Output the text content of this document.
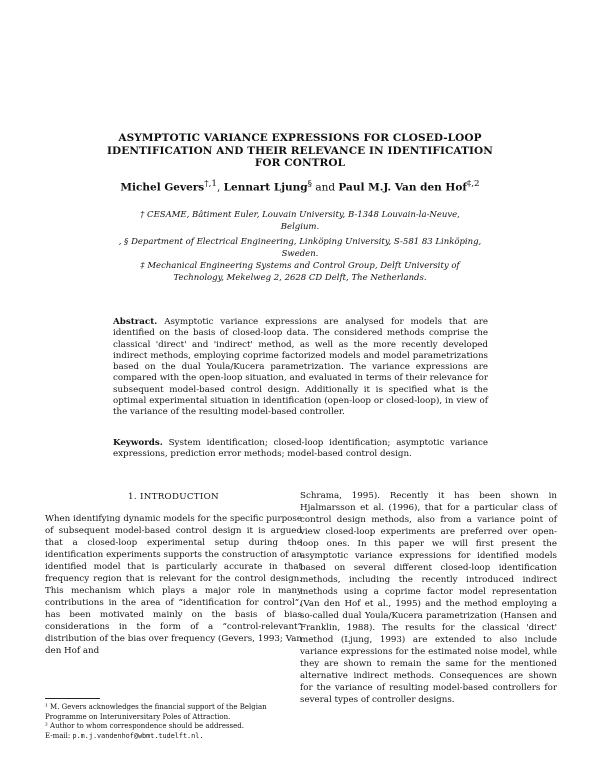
ASYMPTOTIC VARIANCE EXPRESSIONS FOR CLOSED-LOOP
IDENTIFICATION AND THEIR RELEVANCE IN IDENTIFICATION
FOR CONTROL
Michel Gevers$^{\dagger,1}$, Lennart Ljung§ and Paul M.J. Van den Hof$^{\ddagger,2}$
† CESAME, Bâtiment Euler, Louvain University, B-1348 Louvain-la-Neuve,
Belgium.
, § Department of Electrical Engineering, Linköping University, S-581 83 Linköping,
Sweden.
‡ Mechanical Engineering Systems and Control Group, Delft University of
Technology, Mekelweg 2, 2628 CD Delft, The Netherlands.
Abstract. Asymptotic variance expressions are analysed for models that are identified on the basis of closed-loop data. The considered methods comprise the classical 'direct' and 'indirect' method, as well as the more recently developed indirect methods, employing coprime factorized models and model parametrizations based on the dual Youla/Kucera parametrization. The variance expressions are compared with the open-loop situation, and evaluated in terms of their relevance for subsequent model-based control design. Additionally it is specified what is the optimal experimental situation in identification (open-loop or closed-loop), in view of the variance of the resulting model-based controller.
Keywords. System identification; closed-loop identification; asymptotic variance expressions, prediction error methods; model-based control design.
1. INTRODUCTION
When identifying dynamic models for the specific purpose of subsequent model-based control design it is argued that a closed-loop experimental setup during the identification experiments supports the construction of an identified model that is particularly accurate in that frequency region that is relevant for the control design. This mechanism which plays a major role in many contributions in the area of “identification for control”, has been motivated mainly on the basis of bias considerations in the form of a “control-relevant” distribution of the bias over frequency (Gevers, 1993; Van den Hof and
Schrama, 1995). Recently it has been shown in Hjalmarsson et al. (1996), that for a particular class of control design methods, also from a variance point of view closed-loop experiments are preferred over open-loop ones. In this paper we will first present the asymptotic variance expressions for identified models based on several different closed-loop identification methods, including the recently introduced indirect methods using a coprime factor model representation (Van den Hof et al., 1995) and the method employing a so-called dual Youla/Kucera parametrization (Hansen and Franklin, 1988). The results for the classical 'direct' method (Ljung, 1993) are extended to also include variance expressions for the estimated noise model, while they are shown to remain the same for the mentioned alternative indirect methods. Consequences are shown for the variance of resulting model-based controllers for several types of controller designs.
¹ M. Gevers acknowledges the financial support of the Belgian Programme on Interuniversitary Poles of Attraction.
² Author to whom correspondence should be addressed.
E-mail: p.m.j.vandenhof@wbmt.tudelft.nl.
